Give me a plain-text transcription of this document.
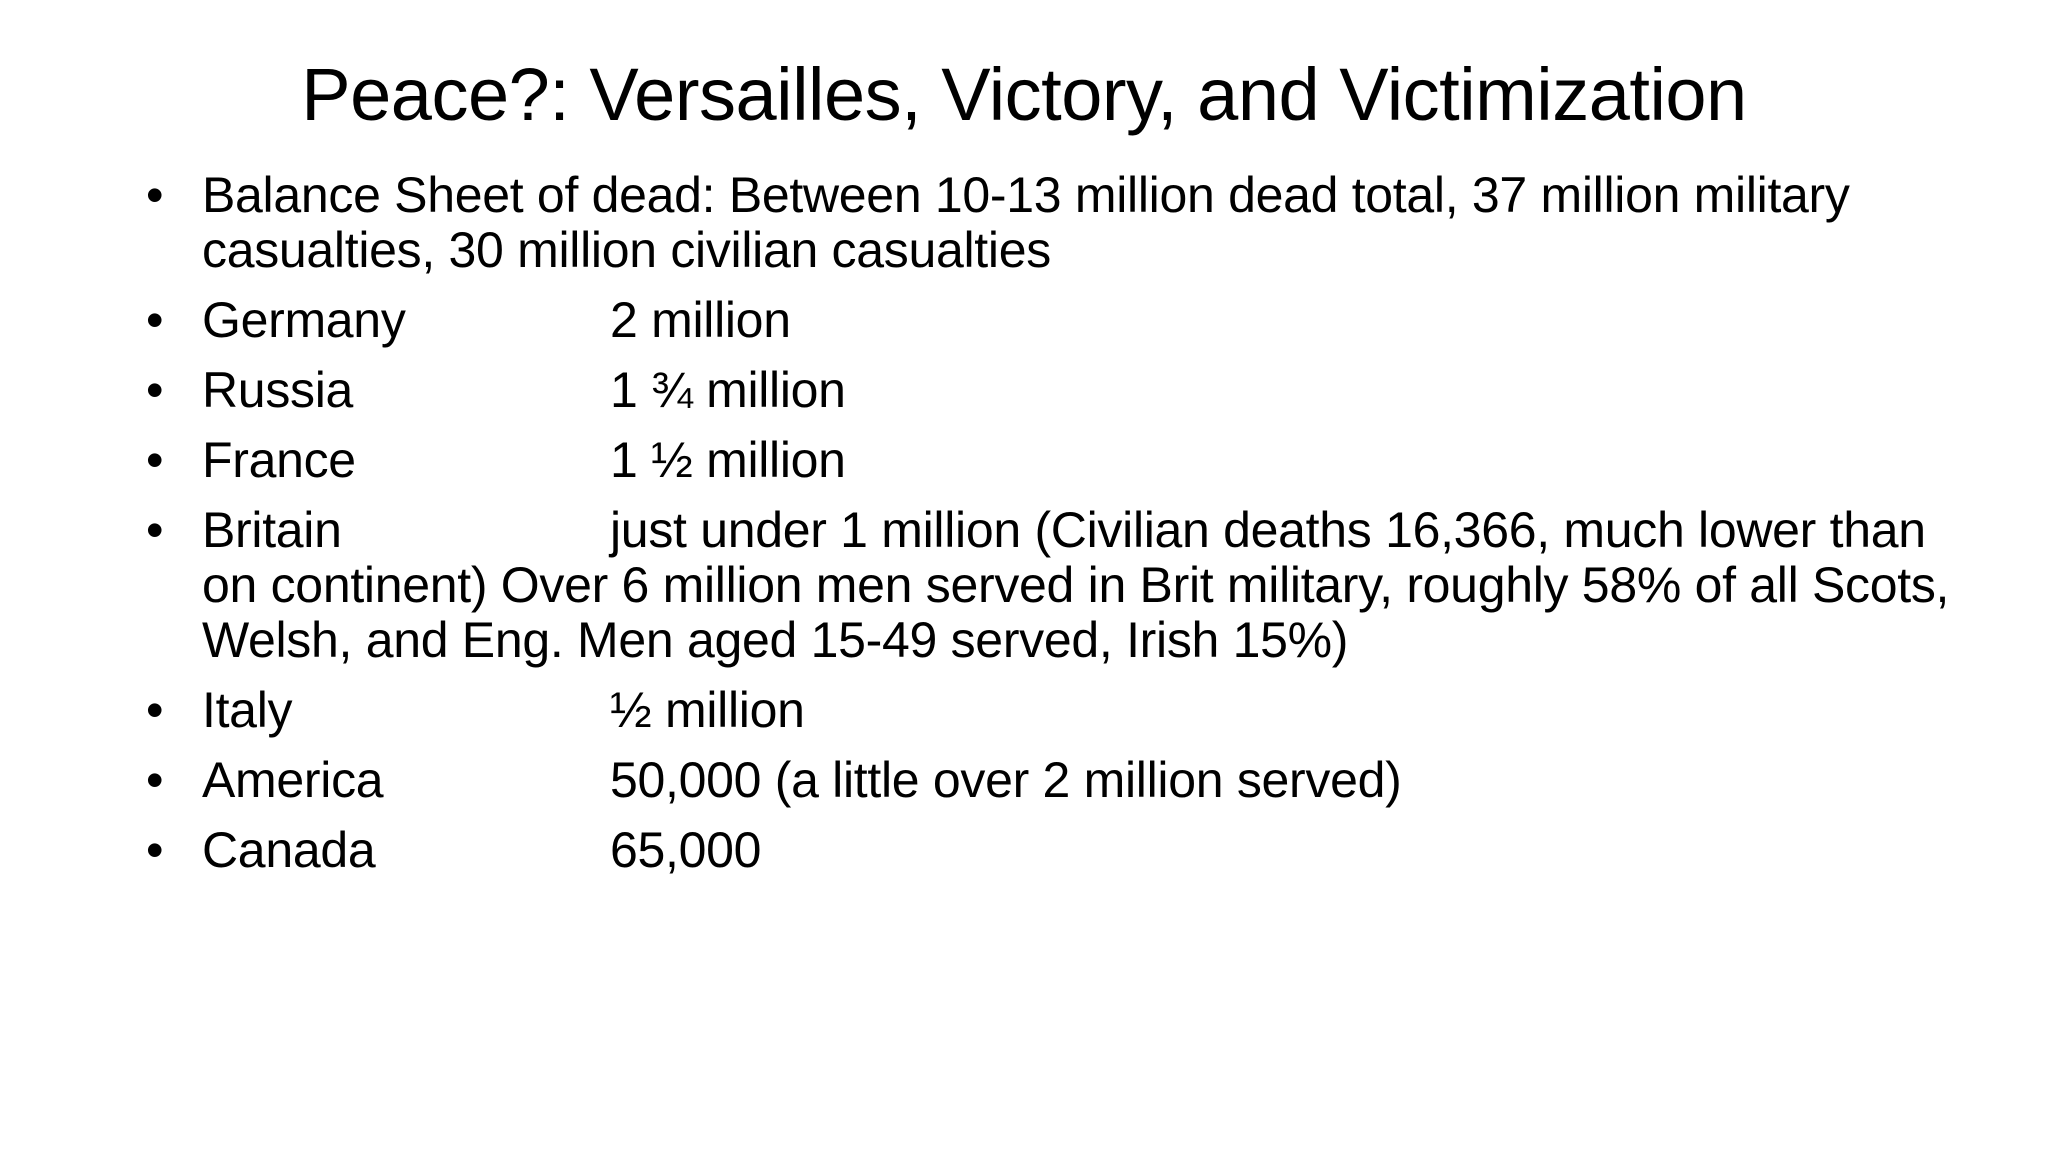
Peace?: Versailles, Victory, and Victimization
• Balance Sheet of dead: Between 10-13 million dead total, 37 million military casualties, 30 million civilian casualties
• Germany	2 million
• Russia	1 ¾ million
• France	1 ½ million
• Britain	just under 1 million (Civilian deaths 16,366, much lower than on continent) Over 6 million men served in Brit military, roughly 58% of all Scots, Welsh, and Eng. Men aged 15-49 served, Irish 15%)
• Italy	½ million
• America	50,000 (a little over 2 million served)
• Canada	65,000
